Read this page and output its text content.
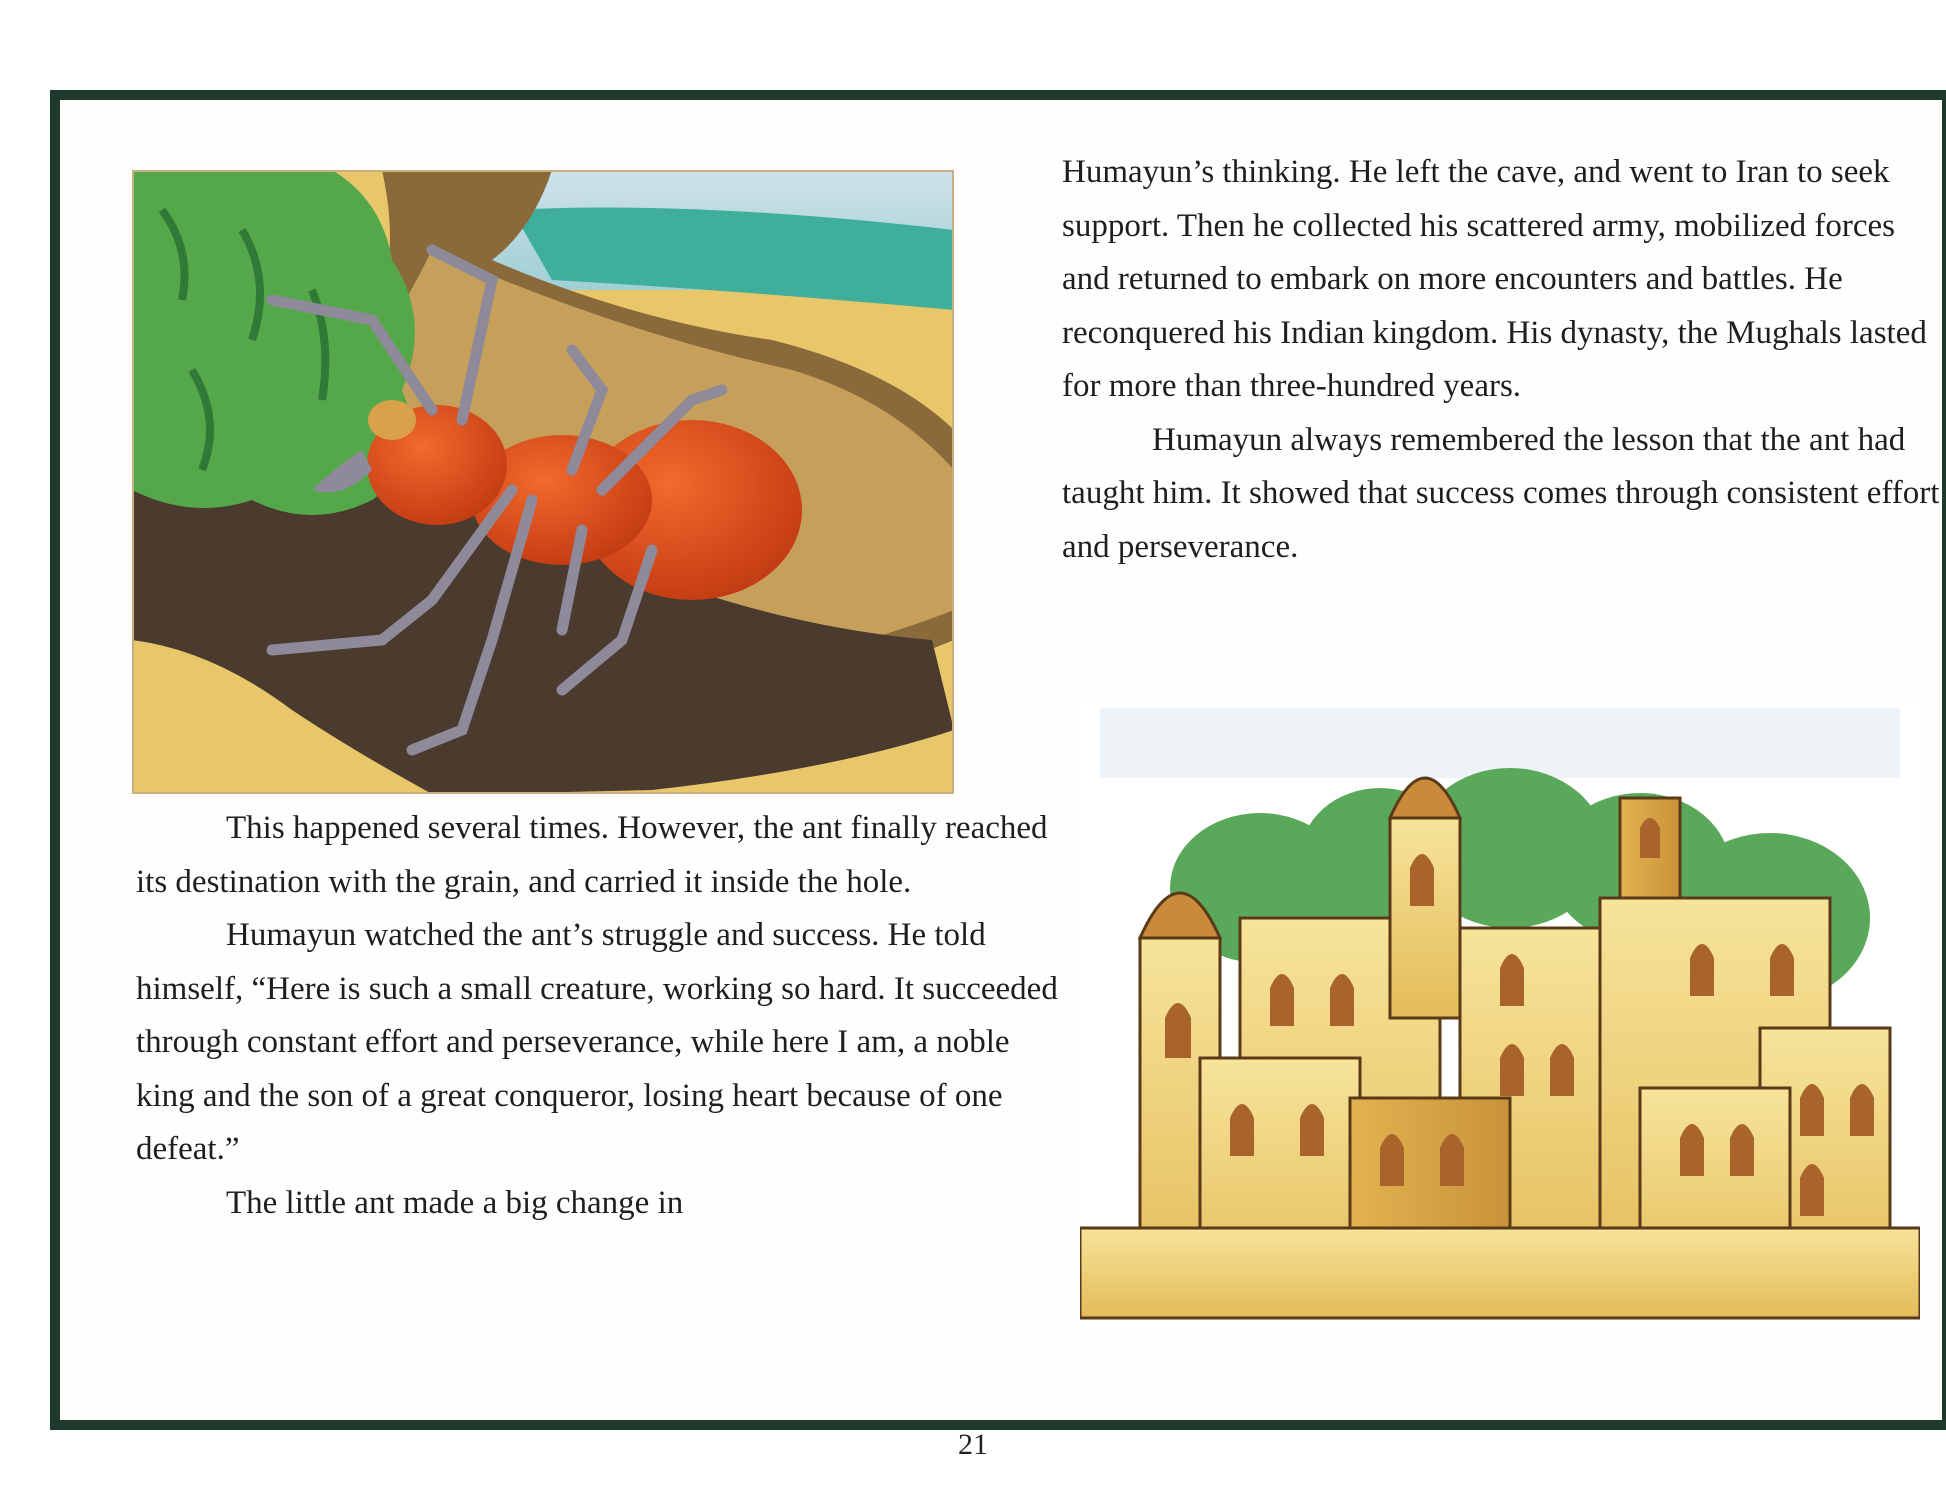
This happened several times. However, the ant finally reached its destination with the grain, and carried it inside the hole.

Humayun watched the ant’s struggle and success. He told himself, “Here is such a small creature, working so hard. It succeeded through constant effort and perseverance, while here I am, a noble king and the son of a great conqueror, losing heart because of one defeat.”

The little ant made a big change in

Humayun’s thinking. He left the cave, and went to Iran to seek support. Then he collected his scattered army, mobilized forces and returned to embark on more encounters and battles. He reconquered his Indian kingdom. His dynasty, the Mughals lasted for more than three-hundred years.

Humayun always remembered the lesson that the ant had taught him. It showed that success comes through consistent effort and perseverance.

21
